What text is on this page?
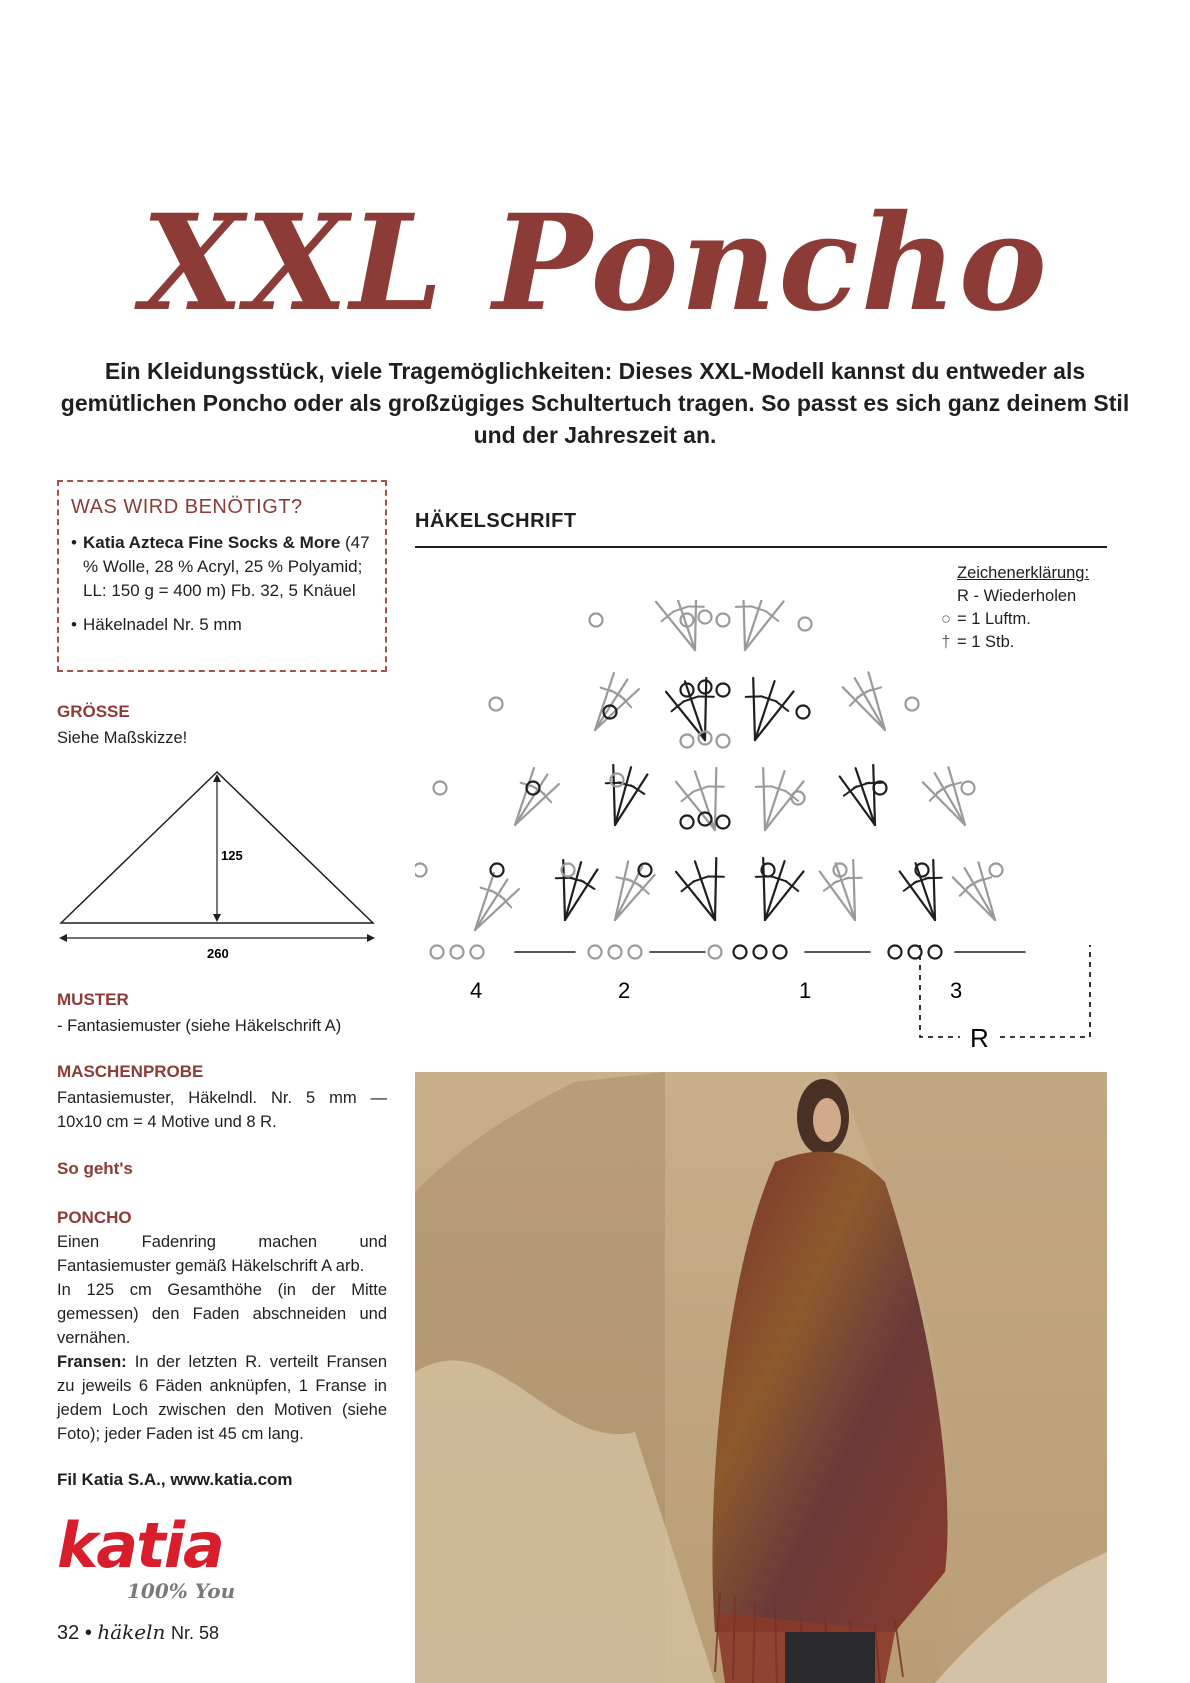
XXL Poncho

Ein Kleidungsstück, viele Tragemöglichkeiten: Dieses XXL-Modell kannst du entweder als gemütlichen Poncho oder als großzügiges Schultertuch tragen. So passt es sich ganz deinem Stil und der Jahreszeit an.

WAS WIRD BENÖTIGT?
• Katia Azteca Fine Socks & More (47 % Wolle, 28 % Acryl, 25 % Polyamid; LL: 150 g = 400 m) Fb. 32, 5 Knäuel
• Häkelnadel Nr. 5 mm
GRÖSSE

Siehe Maßskizze!

125
260
MUSTER

- Fantasiemuster (siehe Häkelschrift A)

MASCHENPROBE

Fantasiemuster, Häkelndl. Nr. 5 mm — 10x10 cm = 4 Motive und 8 R.

So geht's
PONCHO
Einen Fadenring machen und Fantasiemuster gemäß Häkelschrift A arb.
In 125 cm Gesamthöhe (in der Mitte gemessen) den Faden abschneiden und vernähen.
Fransen: In der letzten R. verteilt Fransen zu jeweils 6 Fäden anknüpfen, 1 Franse in jedem Loch zwischen den Motiven (siehe Foto); jeder Faden ist 45 cm lang.
HÄKELSCHRIFT
Zeichenerklärung:
R - Wiederholen
○ = 1 Luftm.
† = 1 Stb.
4	2	1	3
R

Fil Katia S.A., www.katia.com

katia
100% You
32 • häkeln Nr. 58
